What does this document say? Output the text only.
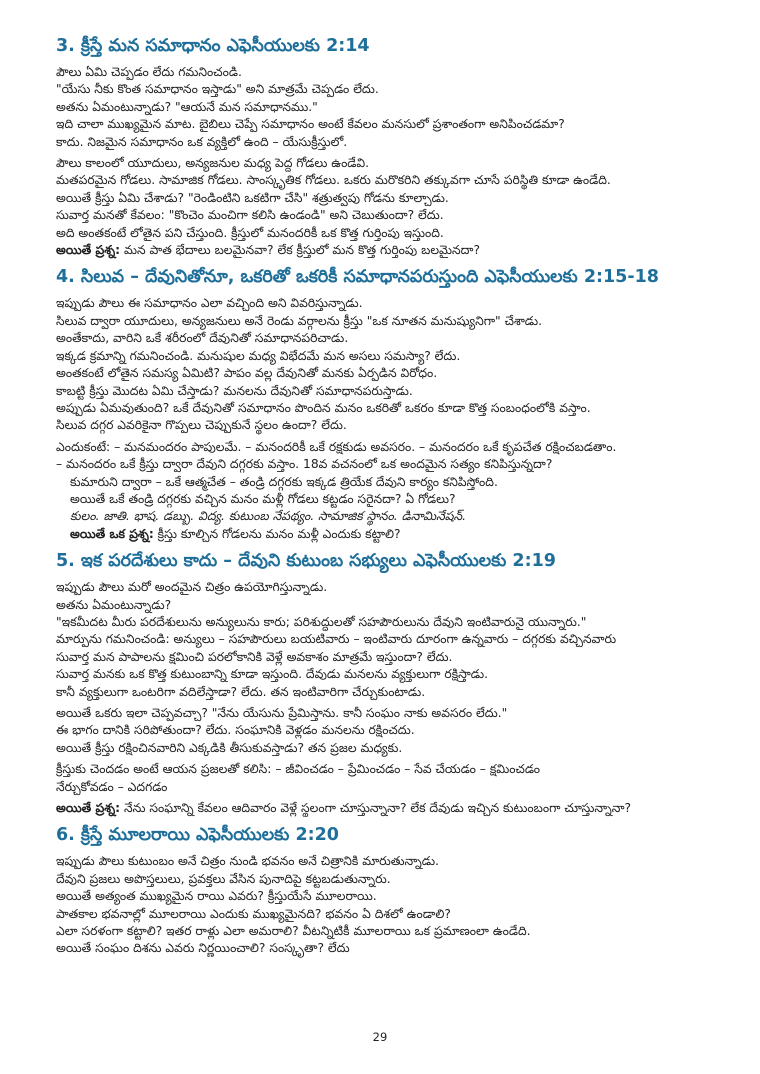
3. క్రీస్తే మన సమాధానం ఎఫెసీయులకు 2:14

పౌలు ఏమి చెప్పడం లేదు గమనించండి.

"యేసు నీకు కొంత సమాధానం ఇస్తాడు" అని మాత్రమే చెప్పడం లేదు.

అతను ఏమంటున్నాడు? "ఆయనే మన సమాధానము."

ఇది చాలా ముఖ్యమైన మాట. బైబిలు చెప్పే సమాధానం అంటే కేవలం మనసులో ప్రశాంతంగా అనిపించడమా?

కాదు. నిజమైన సమాధానం ఒక వ్యక్తిలో ఉంది – యేసుక్రీస్తులో.

పౌలు కాలంలో యూదులు, అన్యజనుల మధ్య పెద్ద గోడలు ఉండేవి.

మతపరమైన గోడలు. సామాజిక గోడలు. సాంస్కృతిక గోడలు. ఒకరు మరొకరిని తక్కువగా చూసే పరిస్థితి కూడా ఉండేది.

అయితే క్రీస్తు ఏమి చేశాడు? "రెండింటిని ఒకటిగా చేసి" శత్రుత్వపు గోడను కూల్చాడు.

సువార్త మనతో కేవలం: "కొంచెం మంచిగా కలిసి ఉండండి" అని చెబుతుందా? లేదు.

అది అంతకంటే లోతైన పని చేస్తుంది. క్రీస్తులో మనందరికీ ఒక కొత్త గుర్తింపు ఇస్తుంది.

అయితే ప్రశ్న: మన పాత భేదాలు బలమైనవా? లేక క్రీస్తులో మన కొత్త గుర్తింపు బలమైనదా?

4. సిలువ – దేవునితోనూ, ఒకరితో ఒకరికీ సమాధానపరుస్తుంది ఎఫెసీయులకు 2:15-18

ఇప్పుడు పౌలు ఈ సమాధానం ఎలా వచ్చింది అని వివరిస్తున్నాడు.

సిలువ ద్వారా యూదులు, అన్యజనులు అనే రెండు వర్గాలను క్రీస్తు "ఒక నూతన మనుష్యునిగా" చేశాడు.

అంతేకాదు, వారిని ఒకే శరీరంలో దేవునితో సమాధానపరిచాడు.

ఇక్కడ క్రమాన్ని గమనించండి. మనుషుల మధ్య విభేదమే మన అసలు సమస్యా? లేదు.

అంతకంటే లోతైన సమస్య ఏమిటి? పాపం వల్ల దేవునితో మనకు ఏర్పడిన విరోధం.

కాబట్టి క్రీస్తు మొదట ఏమి చేస్తాడు? మనలను దేవునితో సమాధానపరుస్తాడు.

అప్పుడు ఏమవుతుంది? ఒకే దేవునితో సమాధానం పొందిన మనం ఒకరితో ఒకరం కూడా కొత్త సంబంధంలోకి వస్తాం.

సిలువ దగ్గర ఎవరికైనా గొప్పలు చెప్పుకునే స్థలం ఉందా? లేదు.

ఎందుకంటే: – మనమందరం పాపులమే. – మనందరికీ ఒకే రక్షకుడు అవసరం. – మనందరం ఒకే కృపచేత రక్షించబడతాం.

– మనందరం ఒకే క్రీస్తు ద్వారా దేవుని దగ్గరకు వస్తాం. 18వ వచనంలో ఒక అందమైన సత్యం కనిపిస్తున్నదా?

కుమారుని ద్వారా – ఒకే ఆత్మచేత – తండ్రి దగ్గరకు ఇక్కడ త్రియేక దేవుని కార్యం కనిపిస్తోంది.

అయితే ఒకే తండ్రి దగ్గరకు వచ్చిన మనం మళ్లీ గోడలు కట్టడం సరైనదా? ఏ గోడలు?

కులం. జాతి. భాష. డబ్బు. విద్య. కుటుంబ నేపథ్యం. సామాజిక స్థానం. డినామినేషన్.

అయితే ఒక ప్రశ్న: క్రీస్తు కూల్చిన గోడలను మనం మళ్లీ ఎందుకు కట్టాలి?

5. ఇక పరదేశులు కాదు – దేవుని కుటుంబ సభ్యులు ఎఫెసీయులకు 2:19

ఇప్పుడు పౌలు మరో అందమైన చిత్రం ఉపయోగిస్తున్నాడు.

అతను ఏమంటున్నాడు?

"ఇకమీదట మీరు పరదేశులును అన్యులును కారు; పరిశుద్ధులతో సహపౌరులును దేవుని ఇంటివారునై యున్నారు."

మార్పును గమనించండి: అన్యులు – సహపౌరులు బయటివారు – ఇంటివారు దూరంగా ఉన్నవారు – దగ్గరకు వచ్చినవారు

సువార్త మన పాపాలను క్షమించి పరలోకానికి వెళ్లే అవకాశం మాత్రమే ఇస్తుందా? లేదు.

సువార్త మనకు ఒక కొత్త కుటుంబాన్ని కూడా ఇస్తుంది. దేవుడు మనలను వ్యక్తులుగా రక్షిస్తాడు.

కానీ వ్యక్తులుగా ఒంటరిగా వదిలేస్తాడా? లేదు. తన ఇంటివారిగా చేర్చుకుంటాడు.

అయితే ఒకరు ఇలా చెప్పవచ్చా? "నేను యేసును ప్రేమిస్తాను. కానీ సంఘం నాకు అవసరం లేదు."

ఈ భాగం దానికి సరిపోతుందా? లేదు. సంఘానికి వెళ్లడం మనలను రక్షించదు.

అయితే క్రీస్తు రక్షించినవారిని ఎక్కడికి తీసుకువస్తాడు? తన ప్రజల మధ్యకు.

క్రీస్తుకు చెందడం అంటే ఆయన ప్రజలతో కలిసి: – జీవించడం – ప్రేమించడం – సేవ చేయడం – క్షమించడం

నేర్చుకోవడం – ఎదగడం

అయితే ప్రశ్న: నేను సంఘాన్ని కేవలం ఆదివారం వెళ్లే స్థలంగా చూస్తున్నానా? లేక దేవుడు ఇచ్చిన కుటుంబంగా చూస్తున్నానా?

6. క్రీస్తే మూలరాయి ఎఫెసీయులకు 2:20

ఇప్పుడు పౌలు కుటుంబం అనే చిత్రం నుండి భవనం అనే చిత్రానికి మారుతున్నాడు.

దేవుని ప్రజలు అపొస్తలులు, ప్రవక్తలు వేసిన పునాదిపై కట్టబడుతున్నారు.

అయితే అత్యంత ముఖ్యమైన రాయి ఎవరు? క్రీస్తుయేసే మూలరాయి.

పాతకాల భవనాల్లో మూలరాయి ఎందుకు ముఖ్యమైనది? భవనం ఏ దిశలో ఉండాలి?

ఎలా సరళంగా కట్టాలి? ఇతర రాళ్లు ఎలా అమరాలి? వీటన్నిటికీ మూలరాయి ఒక ప్రమాణంలా ఉండేది.

అయితే సంఘం దిశను ఎవరు నిర్ణయించాలి? సంస్కృతా? లేదు

29
